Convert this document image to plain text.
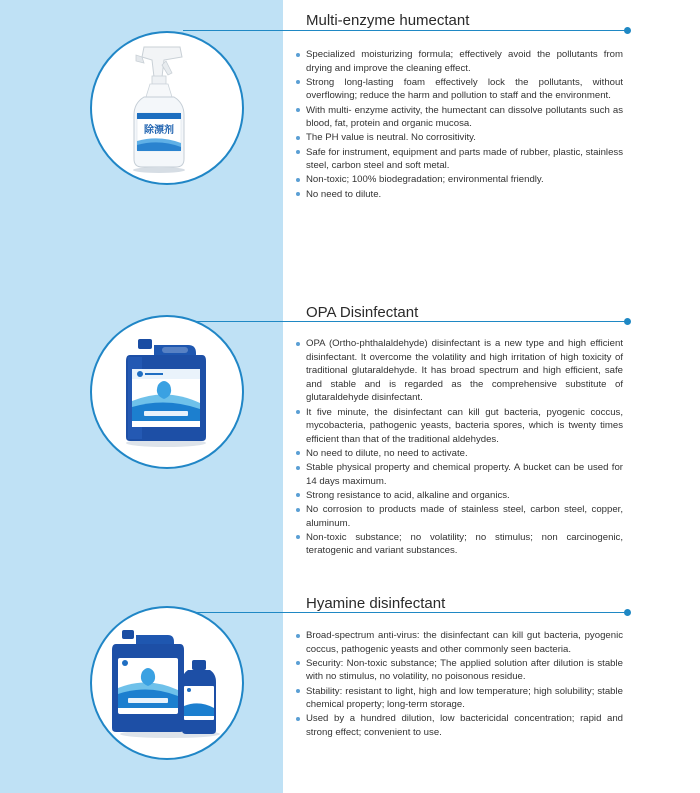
Multi-enzyme humectant
除漂剂
Specialized moisturizing formula; effectively avoid the pollutants from drying and improve the cleaning effect.
Strong long-lasting foam effectively lock the pollutants, without overflowing; reduce the harm and pollution to staff and the environment.
With multi- enzyme activity, the humectant can dissolve pollutants such as blood, fat, protein and organic mucosa.
The PH value is neutral. No corrositivity.
Safe for instrument, equipment and parts made of rubber, plastic, stainless steel, carbon steel and soft metal.
Non-toxic; 100% biodegradation; environmental friendly.
No need to dilute.
OPA Disinfectant
OPA (Ortho-phthalaldehyde) disinfectant is a new type and high efficient disinfectant. It overcome the volatility and high irritation of high toxicity of traditional glutaraldehyde. It has broad spectrum and high efficient, safe and stable and is regarded as the comprehensive substitute of glutaraldehyde disinfectant.
It five minute, the disinfectant can kill gut bacteria, pyogenic coccus, mycobacteria, pathogenic yeasts, bacteria spores, which is twenty times efficient than that of the traditional aldehydes.
No need to dilute, no need to activate.
Stable physical property and chemical property. A bucket can be used for 14 days maximum.
Strong resistance to acid, alkaline and organics.
No corrosion to products made of stainless steel, carbon steel, copper, aluminum.
Non-toxic substance; no volatility; no stimulus; non carcinogenic, teratogenic and variant substances.
Hyamine disinfectant
Broad-spectrum anti-virus: the disinfectant can kill gut bacteria, pyogenic coccus, pathogenic yeasts and other commonly seen bacteria.
Security: Non-toxic substance; The applied solution after dilution is stable with no stimulus, no volatility, no poisonous residue.
Stability: resistant to light, high and low temperature; high solubility; stable chemical property; long-term storage.
Used by a hundred dilution, low bactericidal concentration; rapid and strong effect; convenient to use.
